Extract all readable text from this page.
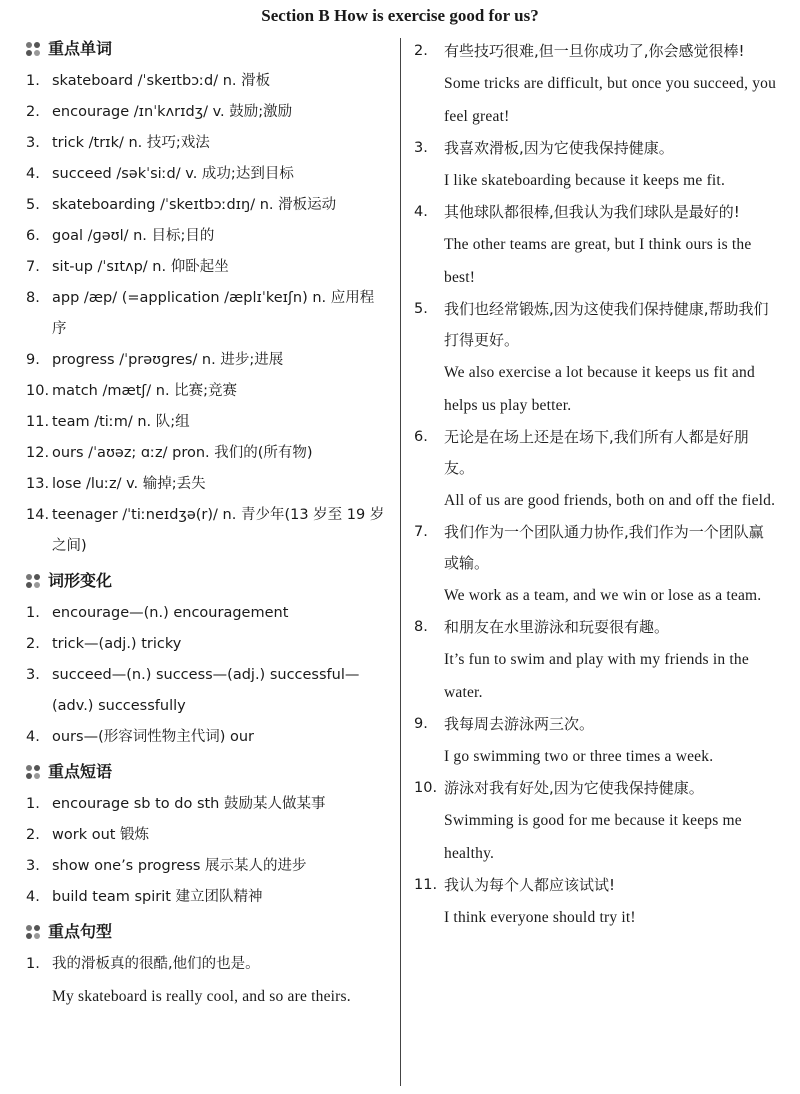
Section B How is exercise good for us?
重点单词
1. skateboard /ˈskeɪtbɔːd/ n. 滑板
2. encourage /ɪnˈkʌrɪdʒ/ v. 鼓励;激励
3. trick /trɪk/ n. 技巧;戏法
4. succeed /səkˈsiːd/ v. 成功;达到目标
5. skateboarding /ˈskeɪtbɔːdɪŋ/ n. 滑板运动
6. goal /ɡəʊl/ n. 目标;目的
7. sit-up /ˈsɪtʌp/ n. 仰卧起坐
8. app /æp/ (=application /æplɪˈkeɪʃn) n. 应用程序
9. progress /ˈprəʊɡres/ n. 进步;进展
10. match /mætʃ/ n. 比赛;竞赛
11. team /tiːm/ n. 队;组
12. ours /ˈaʊəz; ɑːz/ pron. 我们的(所有物)
13. lose /luːz/ v. 输掉;丢失
14. teenager /ˈtiːneɪdʒə(r)/ n. 青少年(13 岁至 19 岁之间)
词形变化
1. encourage—(n.) encouragement
2. trick—(adj.) tricky
3. succeed—(n.) success—(adj.) successful—(adv.) successfully
4. ours—(形容词性物主代词) our
重点短语
1. encourage sb to do sth 鼓励某人做某事
2. work out 锻炼
3. show one’s progress 展示某人的进步
4. build team spirit 建立团队精神
重点句型
1. 我的滑板真的很酷,他们的也是。
My skateboard is really cool, and so are theirs.
2. 有些技巧很难,但一旦你成功了,你会感觉很棒!
Some tricks are difficult, but once you succeed, you feel great!
3. 我喜欢滑板,因为它使我保持健康。
I like skateboarding because it keeps me fit.
4. 其他球队都很棒,但我认为我们球队是最好的!
The other teams are great, but I think ours is the best!
5. 我们也经常锻炼,因为这使我们保持健康,帮助我们打得更好。
We also exercise a lot because it keeps us fit and helps us play better.
6. 无论是在场上还是在场下,我们所有人都是好朋友。
All of us are good friends, both on and off the field.
7. 我们作为一个团队通力协作,我们作为一个团队赢或输。
We work as a team, and we win or lose as a team.
8. 和朋友在水里游泳和玩耍很有趣。
It’s fun to swim and play with my friends in the water.
9. 我每周去游泳两三次。
I go swimming two or three times a week.
10. 游泳对我有好处,因为它使我保持健康。
Swimming is good for me because it keeps me healthy.
11. 我认为每个人都应该试试!
I think everyone should try it!
